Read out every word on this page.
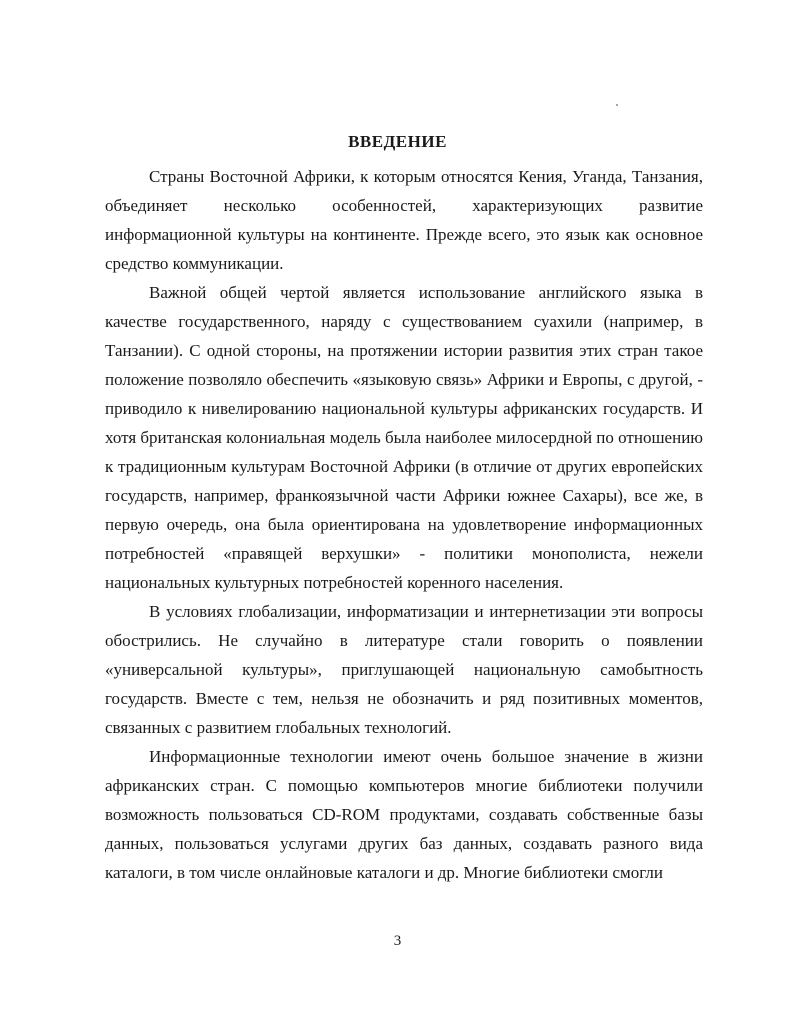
ВВЕДЕНИЕ

Страны Восточной Африки, к которым относятся Кения, Уганда, Танзания, объединяет несколько особенностей, характеризующих развитие информационной культуры на континенте. Прежде всего, это язык как основное средство коммуникации.

Важной общей чертой является использование английского языка в качестве государственного, наряду с существованием суахили (например, в Танзании). С одной стороны, на протяжении истории развития этих стран такое положение позволяло обеспечить «языковую связь» Африки и Европы, с другой, - приводило к нивелированию национальной культуры африканских государств. И хотя британская колониальная модель была наиболее милосердной по отношению к традиционным культурам Восточной Африки (в отличие от других европейских государств, например, франкоязычной части Африки южнее Сахары), все же, в первую очередь, она была ориентирована на удовлетворение информационных потребностей «правящей верхушки» - политики монополиста, нежели национальных культурных потребностей коренного населения.

В условиях глобализации, информатизации и интернетизации эти вопросы обострились. Не случайно в литературе стали говорить о появлении «универсальной культуры», приглушающей национальную самобытность государств. Вместе с тем, нельзя не обозначить и ряд позитивных моментов, связанных с развитием глобальных технологий.

Информационные технологии имеют очень большое значение в жизни африканских стран. С помощью компьютеров многие библиотеки получили возможность пользоваться CD-ROM продуктами, создавать собственные базы данных, пользоваться услугами других баз данных, создавать разного вида каталоги, в том числе онлайновые каталоги и др. Многие библиотеки смогли

3
